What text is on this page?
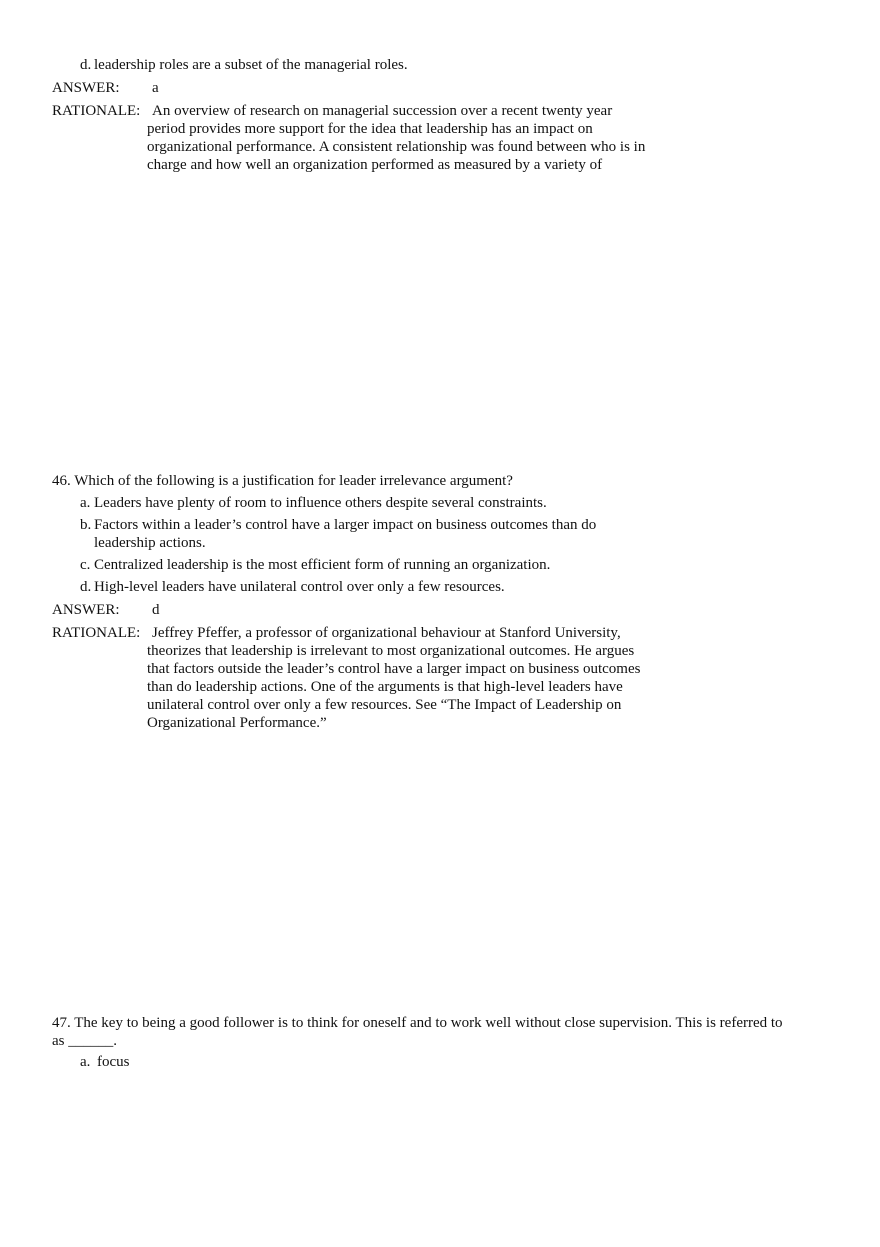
d. leadership roles are a subset of the managerial roles.
ANSWER: a
RATIONALE: An overview of research on managerial succession over a recent twenty year
period provides more support for the idea that leadership has an impact on
organizational performance. A consistent relationship was found between who is in
charge and how well an organization performed as measured by a variety of
46. Which of the following is a justification for leader irrelevance argument?
a. Leaders have plenty of room to influence others despite several constraints.
b. Factors within a leader’s control have a larger impact on business outcomes than do
leadership actions.
c. Centralized leadership is the most efficient form of running an organization.
d. High-level leaders have unilateral control over only a few resources.
ANSWER: d
RATIONALE: Jeffrey Pfeffer, a professor of organizational behaviour at Stanford University,
theorizes that leadership is irrelevant to most organizational outcomes. He argues
that factors outside the leader’s control have a larger impact on business outcomes
than do leadership actions. One of the arguments is that high-level leaders have
unilateral control over only a few resources. See “The Impact of Leadership on
Organizational Performance.”
47. The key to being a good follower is to think for oneself and to work well without close supervision. This is referred to
as ______.
a. focus
